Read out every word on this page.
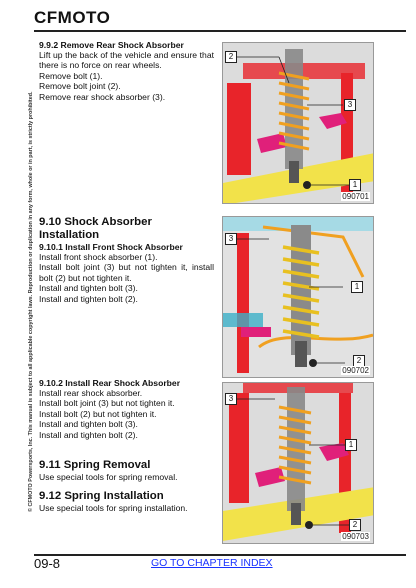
CFMOTO
© CFMOTO Powersports, Inc. This manual is subject to all applicable copyright laws. Reproduction or duplication in any form, whole or in part, is strictly prohibited.
9.9.2 Remove Rear Shock Absorber
Lift up the back of the vehicle and ensure that there is no force on rear wheels.
Remove bolt (1).
Remove bolt joint (2).
Remove rear shock absorber (3).
9.10 Shock Absorber Installation
9.10.1 Install Front Shock Absorber
Install front shock absorber (1).
Install bolt joint (3) but not tighten it, install bolt (2) but not tighten it.
Install and tighten bolt (3).
Install and tighten bolt (2).
9.10.2 Install Rear Shock Absorber
Install rear shock absorber.
Install bolt joint (3) but not tighten it.
Install bolt (2) but not tighten it.
Install and tighten bolt (3).
Install and tighten bolt (2).
9.11 Spring Removal
Use special tools for spring removal.
9.12 Spring Installation
Use special tools for spring installation.
2
3
1
090701
3
1
2
090702
3
1
2
090703
09-8	GO TO CHAPTER INDEX
